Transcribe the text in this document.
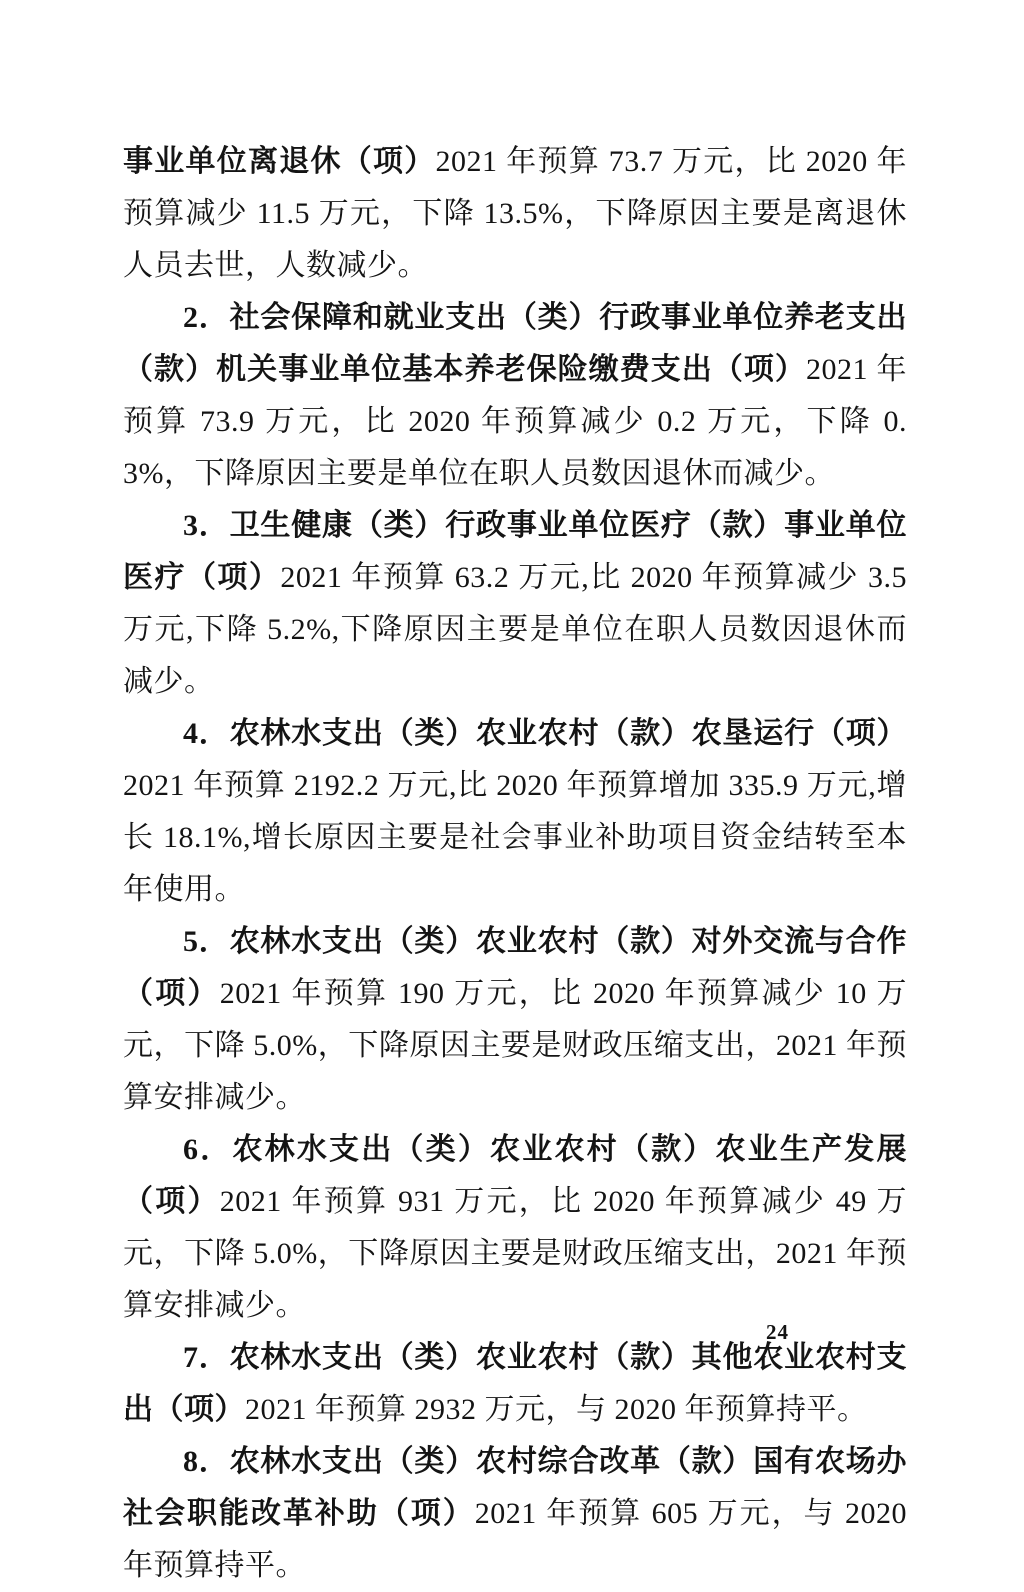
事业单位离退休（项）2021 年预算 73.7 万元，比 2020 年预算减少 11.5 万元，下降 13.5%，下降原因主要是离退休人员去世，人数减少。

2．社会保障和就业支出（类）行政事业单位养老支出（款）机关事业单位基本养老保险缴费支出（项）2021 年预算 73.9 万元，比 2020 年预算减少 0.2 万元，下降 0.3%，下降原因主要是单位在职人员数因退休而减少。

3．卫生健康（类）行政事业单位医疗（款）事业单位医疗（项）2021 年预算 63.2 万元,比 2020 年预算减少 3.5 万元,下降 5.2%,下降原因主要是单位在职人员数因退休而减少。

4．农林水支出（类）农业农村（款）农垦运行（项）2021 年预算 2192.2 万元,比 2020 年预算增加 335.9 万元,增长 18.1%,增长原因主要是社会事业补助项目资金结转至本年使用。

5．农林水支出（类）农业农村（款）对外交流与合作（项）2021 年预算 190 万元，比 2020 年预算减少 10 万元，下降 5.0%，下降原因主要是财政压缩支出，2021 年预算安排减少。

6．农林水支出（类）农业农村（款）农业生产发展（项）2021 年预算 931 万元，比 2020 年预算减少 49 万元，下降 5.0%，下降原因主要是财政压缩支出，2021 年预算安排减少。

7．农林水支出（类）农业农村（款）其他农业农村支出（项）2021 年预算 2932 万元，与 2020 年预算持平。

8．农林水支出（类）农村综合改革（款）国有农场办社会职能改革补助（项）2021 年预算 605 万元，与 2020 年预算持平。

24
